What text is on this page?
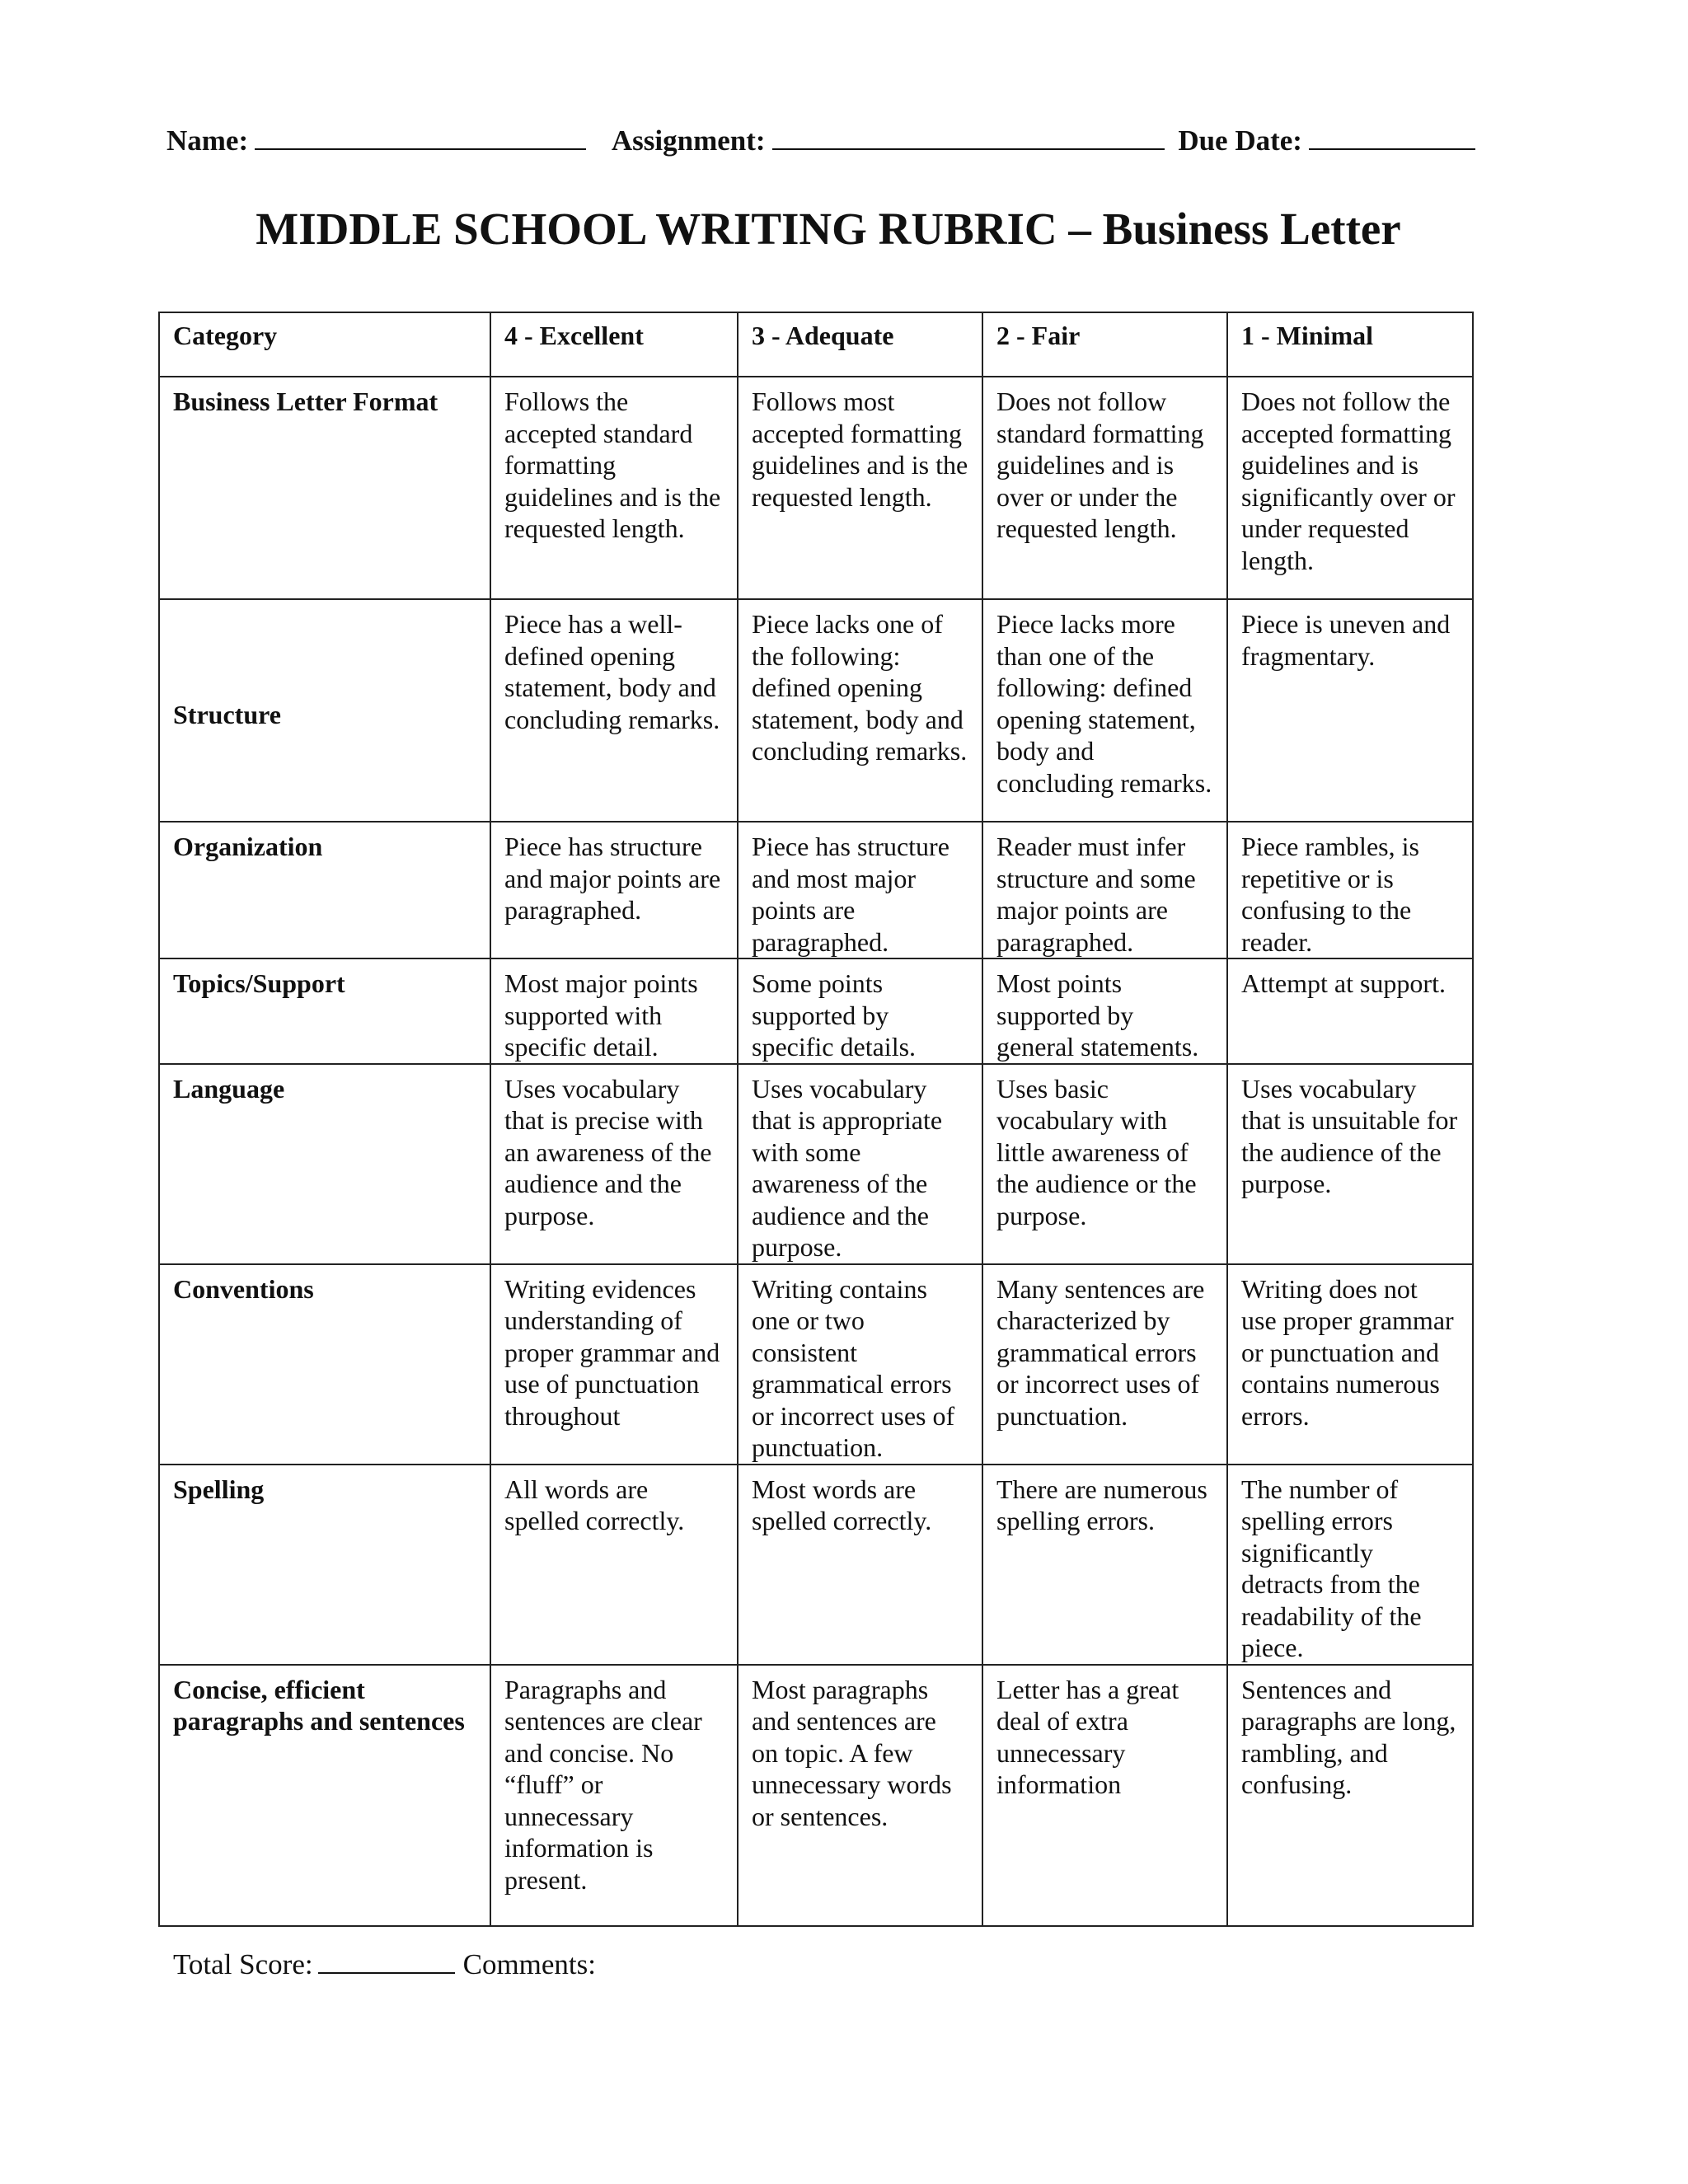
Name:	Assignment:	Due Date:
MIDDLE SCHOOL WRITING RUBRIC – Business Letter
Category	4 - Excellent	3 - Adequate	2 - Fair	1 - Minimal
Business Letter Format	Follows the accepted standard formatting guidelines and is the requested length.	Follows most accepted formatting guidelines and is the requested length.	Does not follow standard formatting guidelines and is over or under the requested length.	Does not follow the accepted formatting guidelines and is significantly over or under requested length.
Structure	Piece has a well-defined opening statement, body and concluding remarks.	Piece lacks one of the following: defined opening statement, body and concluding remarks.	Piece lacks more than one of the following: defined opening statement, body and concluding remarks.	Piece is uneven and fragmentary.
Organization	Piece has structure and major points are paragraphed.	Piece has structure and most major points are paragraphed.	Reader must infer structure and some major points are paragraphed.	Piece rambles, is repetitive or is confusing to the reader.
Topics/Support	Most major points supported with specific detail.	Some points supported by specific details.	Most points supported by general statements.	Attempt at support.
Language	Uses vocabulary that is precise with an awareness of the audience and the purpose.	Uses vocabulary that is appropriate with some awareness of the audience and the purpose.	Uses basic vocabulary with little awareness of the audience or the purpose.	Uses vocabulary that is unsuitable for the audience of the purpose.
Conventions	Writing evidences understanding of proper grammar and use of punctuation throughout	Writing contains one or two consistent grammatical errors or incorrect uses of punctuation.	Many sentences are characterized by grammatical errors or incorrect uses of punctuation.	Writing does not use proper grammar or punctuation and contains numerous errors.
Spelling	All words are spelled correctly.	Most words are spelled correctly.	There are numerous spelling errors.	The number of spelling errors significantly detracts from the readability of the piece.
Concise, efficient paragraphs and sentences	Paragraphs and sentences are clear and concise. No “fluff” or unnecessary information is present.	Most paragraphs and sentences are on topic. A few unnecessary words or sentences.	Letter has a great deal of extra unnecessary information	Sentences and paragraphs are long, rambling, and confusing.
Total Score:	Comments:
